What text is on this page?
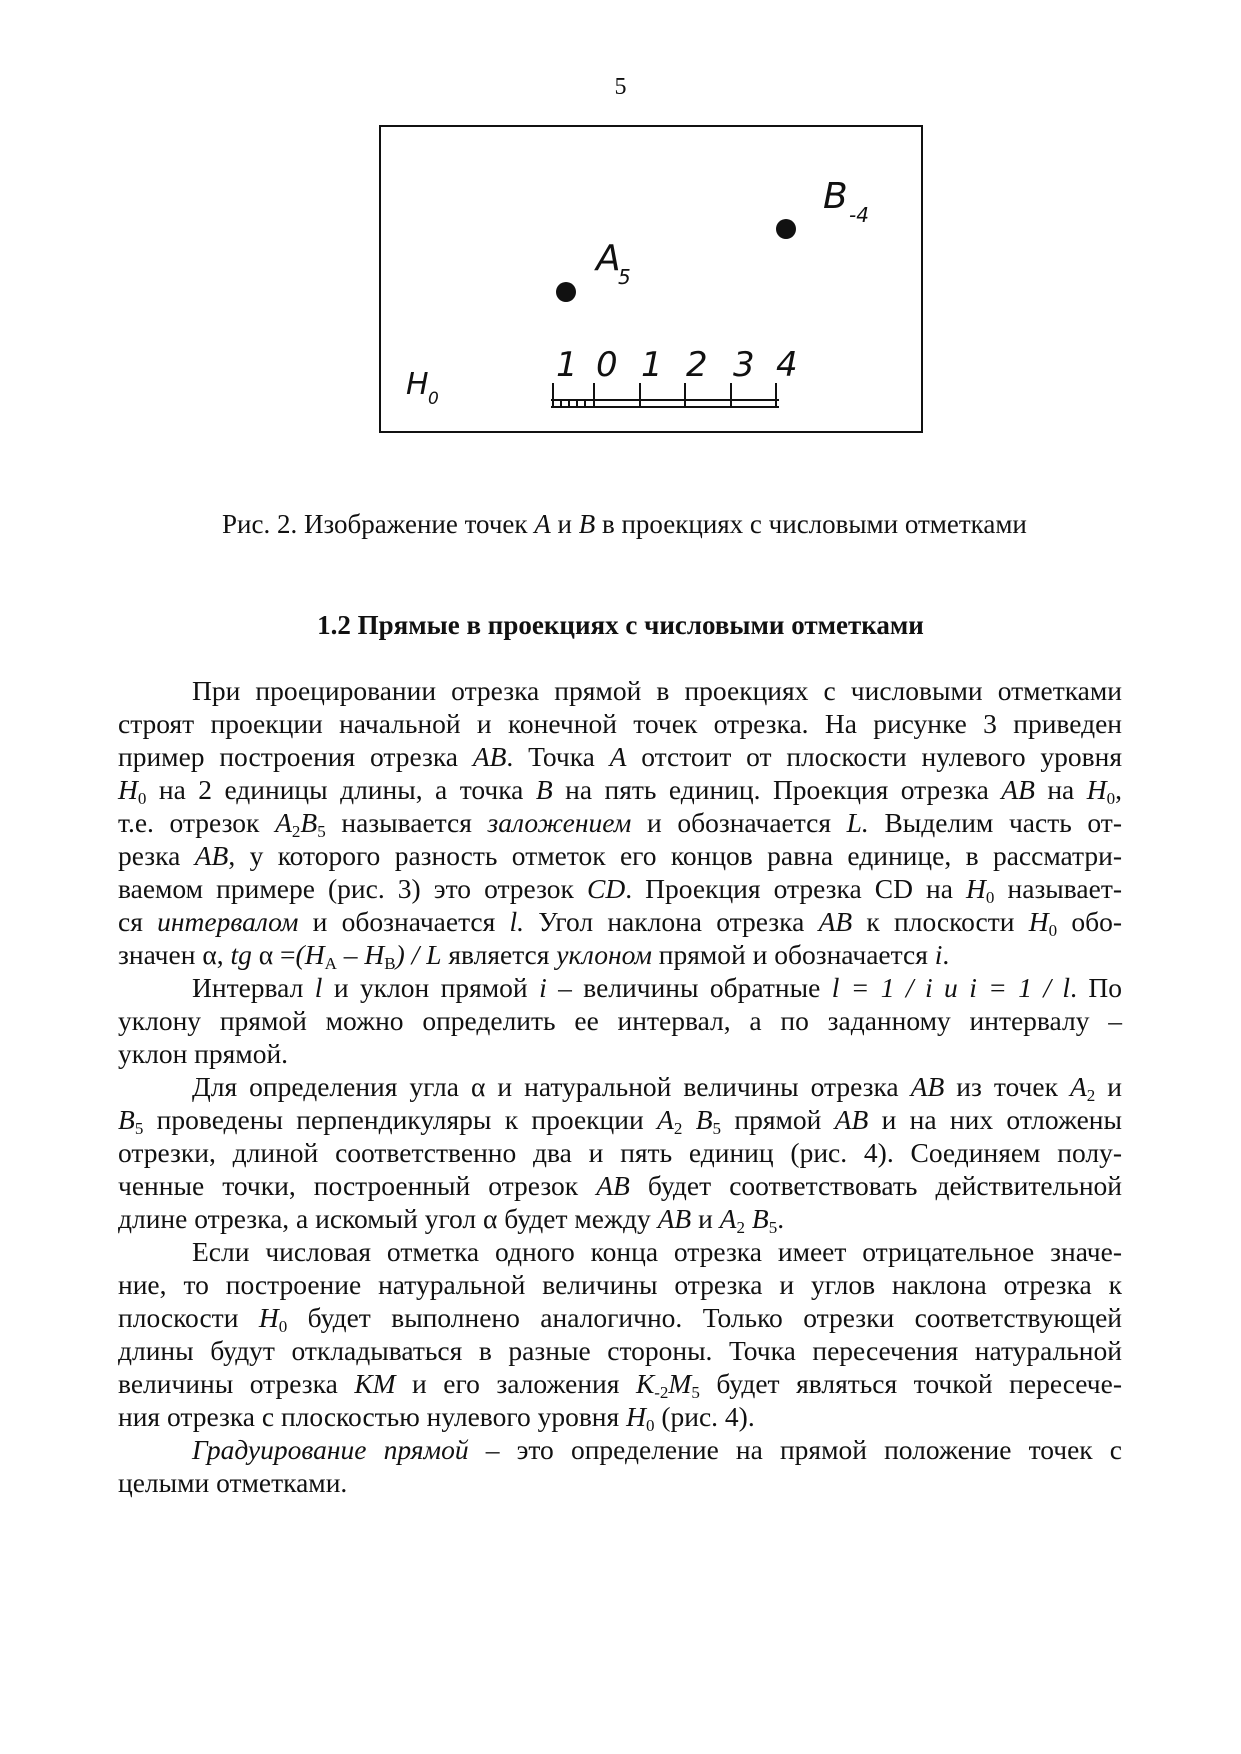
5
A
5
B -4
H 0
1 0 1 2 3 4
Рис. 2. Изображение точек A и B в проекциях с числовыми отметками
1.2 Прямые в проекциях с числовыми отметками
При проецировании отрезка прямой в проекциях с числовыми отметками
строят проекции начальной и конечной точек отрезка. На рисунке 3 приведен
пример построения отрезка AB. Точка A отстоит от плоскости нулевого уровня
$H_0$ на 2 единицы длины, а точка B на пять единиц. Проекция отрезка AB на $H_0$,
т.е. отрезок $A_2B_5$ называется заложением и обозначается L. Выделим часть от-
резка AB, у которого разность отметок его концов равна единице, в рассматри-
ваемом примере (рис. 3) это отрезок CD. Проекция отрезка CD на $H_0$ называет-
ся интервалом и обозначается l. Угол наклона отрезка AB к плоскости $H_0$ обо-
значен α, tg $\alpha =(H_A - H_B) / L$ является уклоном прямой и обозначается i.
Интервал l и уклон прямой i – величины обратные l = 1 / i и i = 1 / l. По
уклону прямой можно определить ее интервал, а по заданному интервалу –
уклон прямой.
Для определения угла α и натуральной величины отрезка AB из точек $A_2$ и
$B_5$ проведены перпендикуляры к проекции $A_2$ $B_5$ прямой AB и на них отложены
отрезки, длиной соответственно два и пять единиц (рис. 4). Соединяем полу-
ченные точки, построенный отрезок AB будет соответствовать действительной
длине отрезка, а искомый угол α будет между AB и $A_2$ $B_5$.
Если числовая отметка одного конца отрезка имеет отрицательное значе-
ние, то построение натуральной величины отрезка и углов наклона отрезка к
плоскости $H_0$ будет выполнено аналогично. Только отрезки соответствующей
длины будут откладываться в разные стороны. Точка пересечения натуральной
величины отрезка КМ и его заложения $К_{-2}М_5$ будет являться точкой пересече-
ния отрезка с плоскостью нулевого уровня $H_0$ (рис. 4).
Градуирование прямой – это определение на прямой положение точек с
целыми отметками.
